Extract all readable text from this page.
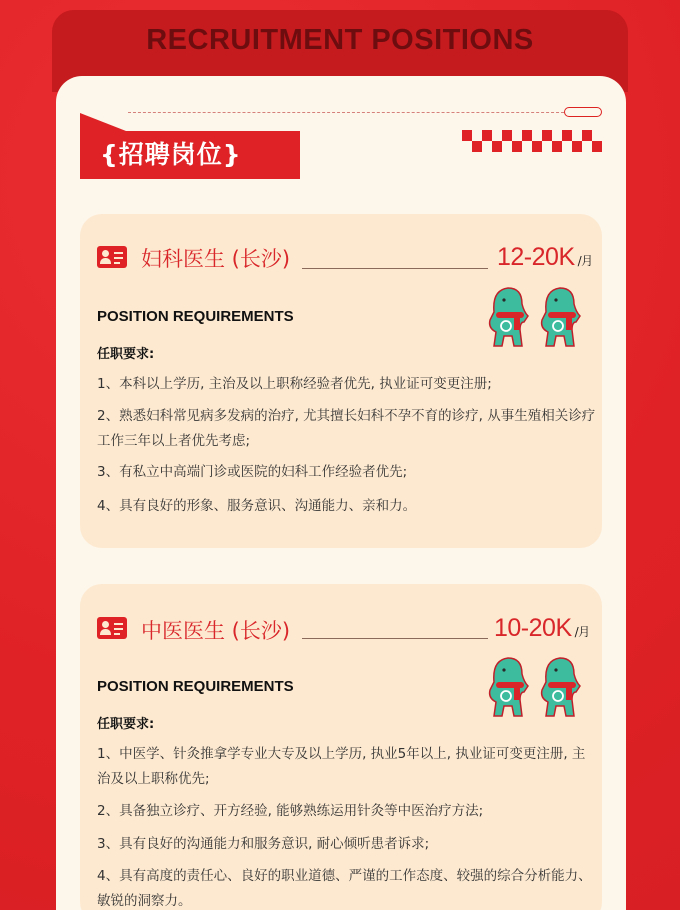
RECRUITMENT POSITIONS
{招聘岗位}
妇科医生 (长沙)	12-20K /月
POSITION REQUIREMENTS
任职要求:
1、本科以上学历, 主治及以上职称经验者优先, 执业证可变更注册;
2、熟悉妇科常见病多发病的治疗, 尤其擅长妇科不孕不育的诊疗, 从事生殖相关诊疗工作三年以上者优先考虑;
3、有私立中高端门诊或医院的妇科工作经验者优先;
4、具有良好的形象、服务意识、沟通能力、亲和力。
中医医生 (长沙)	10-20K /月
POSITION REQUIREMENTS
任职要求:
1、中医学、针灸推拿学专业大专及以上学历, 执业5年以上, 执业证可变更注册, 主治及以上职称优先;
2、具备独立诊疗、开方经验, 能够熟练运用针灸等中医治疗方法;
3、具有良好的沟通能力和服务意识, 耐心倾听患者诉求;
4、具有高度的责任心、良好的职业道德、严谨的工作态度、较强的综合分析能力、敏锐的洞察力。
